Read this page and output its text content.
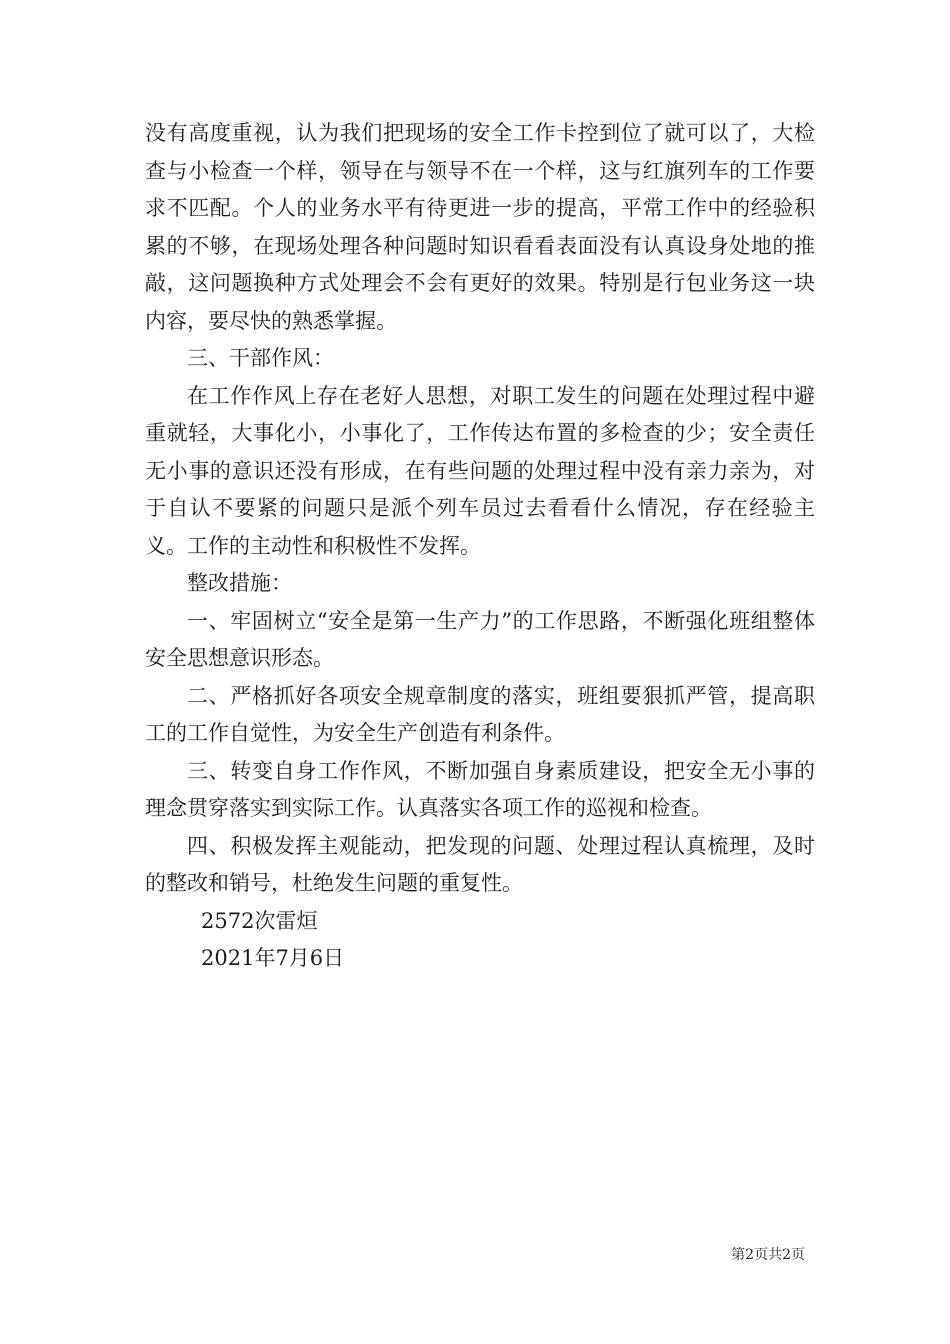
没有高度重视，认为我们把现场的安全工作卡控到位了就可以了，大检查与小检查一个样，领导在与领导不在一个样，这与红旗列车的工作要求不匹配。个人的业务水平有待更进一步的提高，平常工作中的经验积累的不够，在现场处理各种问题时知识看看表面没有认真设身处地的推敲，这问题换种方式处理会不会有更好的效果。特别是行包业务这一块内容，要尽快的熟悉掌握。

三、干部作风：

在工作作风上存在老好人思想，对职工发生的问题在处理过程中避重就轻，大事化小，小事化了，工作传达布置的多检查的少；安全责任无小事的意识还没有形成，在有些问题的处理过程中没有亲力亲为，对于自认不要紧的问题只是派个列车员过去看看什么情况，存在经验主义。工作的主动性和积极性不发挥。

整改措施：

一、牢固树立“安全是第一生产力”的工作思路，不断强化班组整体安全思想意识形态。

二、严格抓好各项安全规章制度的落实，班组要狠抓严管，提高职工的工作自觉性，为安全生产创造有利条件。

三、转变自身工作作风，不断加强自身素质建设，把安全无小事的理念贯穿落实到实际工作。认真落实各项工作的巡视和检查。

四、积极发挥主观能动，把发现的问题、处理过程认真梳理，及时的整改和销号，杜绝发生问题的重复性。

2572次雷烜

2021年7月6日

第2页共2页
